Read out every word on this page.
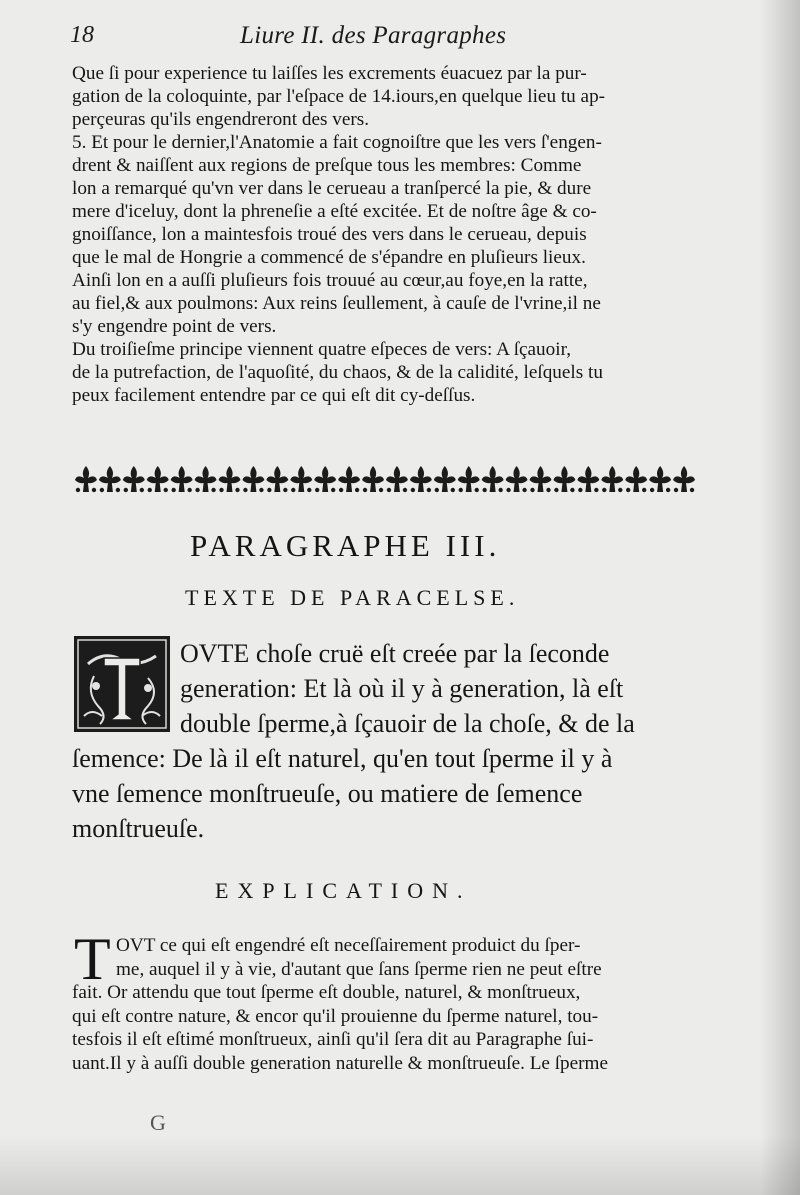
18	Liure II. des Paragraphes
Que ſi pour experience tu laiſſes les excrements éuacuez par la pur-
gation de la coloquinte, par l'eſpace de 14.iours,en quelque lieu tu ap-
perçeuras qu'ils engendreront des vers.
5. Et pour le dernier,l'Anatomie a fait cognoiſtre que les vers ſ'engen-
drent & naiſſent aux regions de preſque tous les membres: Comme
lon a remarqué qu'vn ver dans le cerueau a tranſpercé la pie, & dure
mere d'iceluy, dont la phreneſie a eſté excitée. Et de noſtre âge & co-
gnoiſſance, lon a maintesfois troué des vers dans le cerueau, depuis
que le mal de Hongrie a commencé de s'épandre en pluſieurs lieux.
Ainſi lon en a auſſi pluſieurs fois trouué au cœur,au foye,en la ratte,
au fiel,& aux poulmons: Aux reins ſeullement, à cauſe de l'vrine,il ne
s'y engendre point de vers.
Du troiſieſme principe viennent quatre eſpeces de vers: A ſçauoir,
de la putrefaction, de l'aquoſité, du chaos, & de la calidité, leſquels tu
peux facilement entendre par ce qui eſt dit cy-deſſus.
PARAGRAPHE III.
TEXTE DE PARACELSE.
OVTE choſe cruë eſt creée par la ſeconde
generation: Et là où il y à generation, là eſt
double ſperme,à ſçauoir de la choſe, & de la
ſemence: De là il eſt naturel, qu'en tout ſperme il y à
vne ſemence monſtrueuſe, ou matiere de ſemence
monſtrueuſe.
EXPLICATION.
T OVT ce qui eſt engendré eſt neceſſairement produict du ſper-
me, auquel il y à vie, d'autant que ſans ſperme rien ne peut eſtre
fait. Or attendu que tout ſperme eſt double, naturel, & monſtrueux,
qui eſt contre nature, & encor qu'il prouienne du ſperme naturel, tou-
tesfois il eſt eſtimé monſtrueux, ainſi qu'il ſera dit au Paragraphe ſui-
uant.Il y à auſſi double generation naturelle & monſtrueuſe. Le ſperme
G
